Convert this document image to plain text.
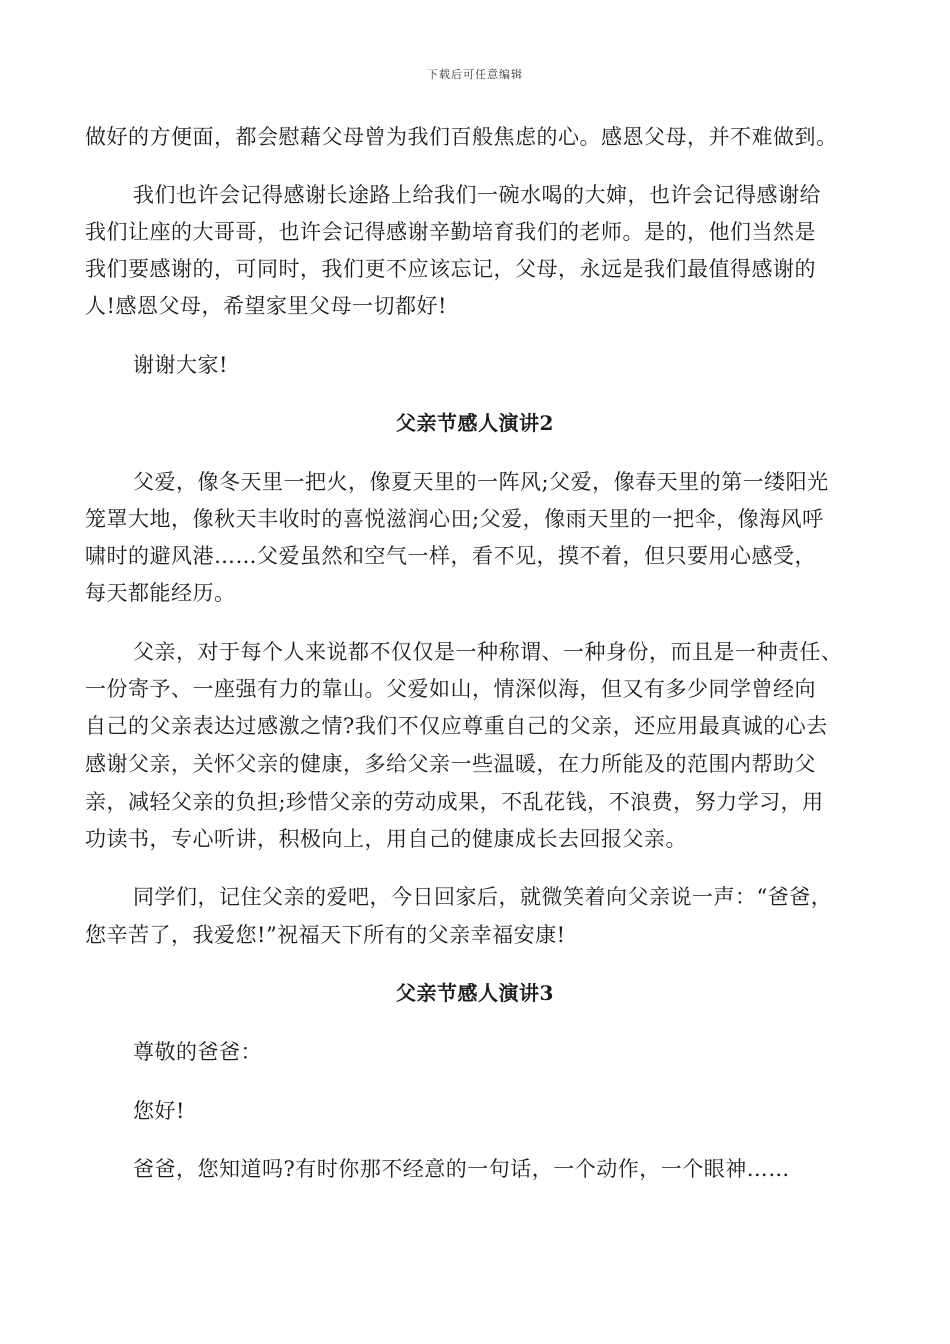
下载后可任意编辑
做好的方便面，都会慰藉父母曾为我们百般焦虑的心。感恩父母，并不难做到。
我们也许会记得感谢长途路上给我们一碗水喝的大婶，也许会记得感谢给
我们让座的大哥哥，也许会记得感谢辛勤培育我们的老师。是的，他们当然是
我们要感谢的，可同时，我们更不应该忘记，父母，永远是我们最值得感谢的
人!感恩父母，希望家里父母一切都好!
谢谢大家!
父亲节感人演讲2
父爱，像冬天里一把火，像夏天里的一阵风;父爱，像春天里的第一缕阳光
笼罩大地，像秋天丰收时的喜悦滋润心田;父爱，像雨天里的一把伞，像海风呼
啸时的避风港……父爱虽然和空气一样，看不见，摸不着，但只要用心感受，
每天都能经历。
父亲，对于每个人来说都不仅仅是一种称谓、一种身份，而且是一种责任、
一份寄予、一座强有力的靠山。父爱如山，情深似海，但又有多少同学曾经向
自己的父亲表达过感激之情?我们不仅应尊重自己的父亲，还应用最真诚的心去
感谢父亲，关怀父亲的健康，多给父亲一些温暖，在力所能及的范围内帮助父
亲，减轻父亲的负担;珍惜父亲的劳动成果，不乱花钱，不浪费，努力学习，用
功读书，专心听讲，积极向上，用自己的健康成长去回报父亲。
同学们，记住父亲的爱吧，今日回家后，就微笑着向父亲说一声：“爸爸，
您辛苦了，我爱您!”祝福天下所有的父亲幸福安康!
父亲节感人演讲3
尊敬的爸爸：
您好!
爸爸，您知道吗?有时你那不经意的一句话，一个动作，一个眼神……
